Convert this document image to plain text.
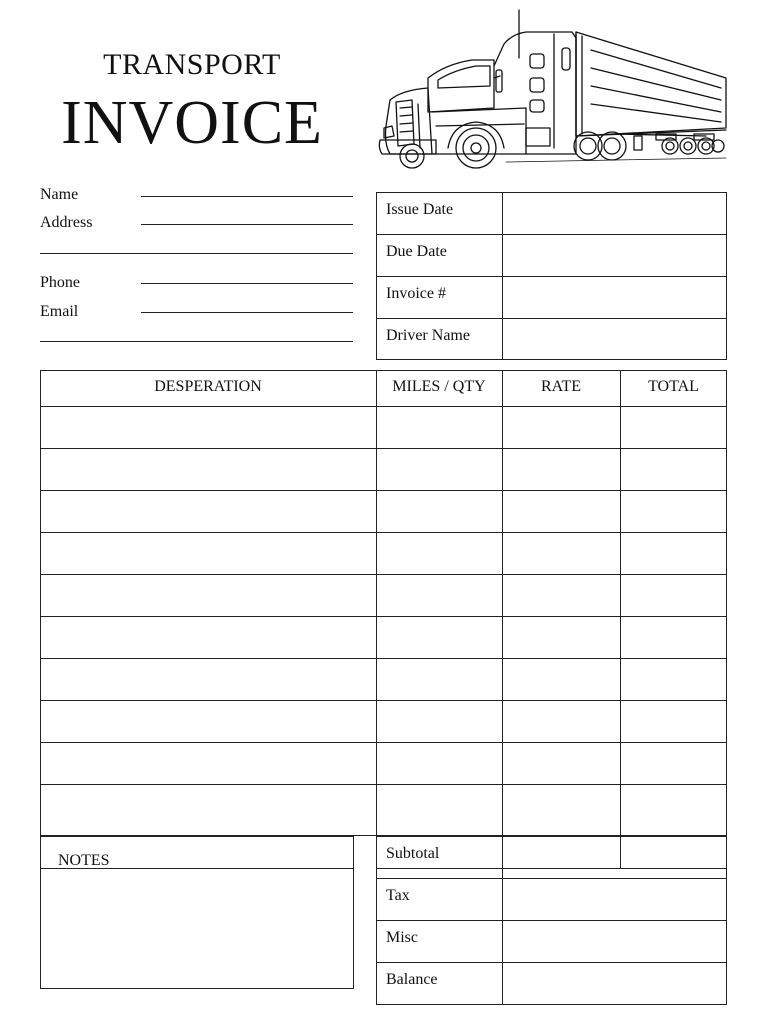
TRANSPORT
INVOICE
Name
Address
Phone
Email
Issue Date
Due Date
Invoice #
Driver Name
DESPERATION	MILES / QTY	RATE	TOTAL
NOTES	Subtotal
Tax
Misc
Balance
